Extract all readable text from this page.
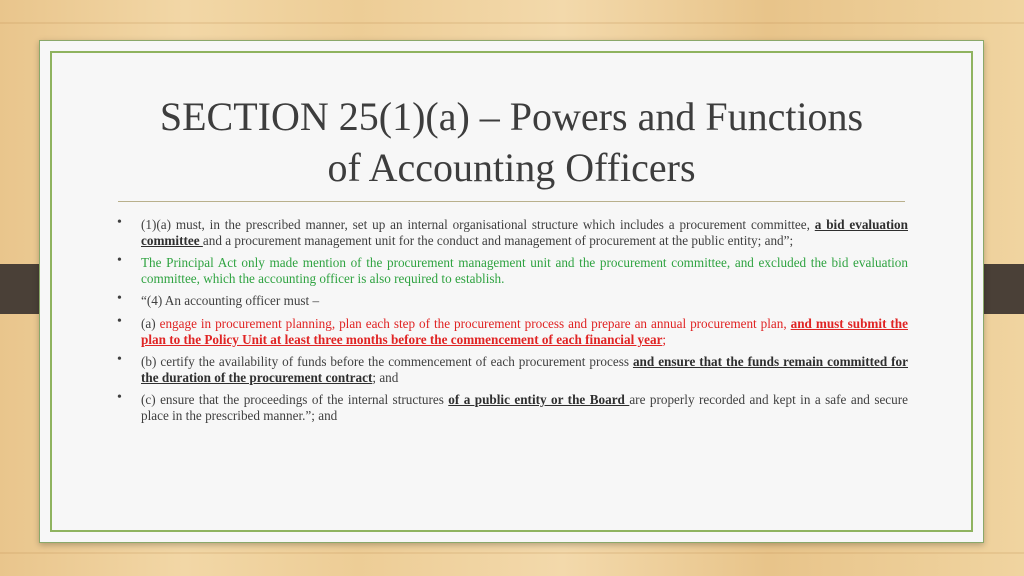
SECTION 25(1)(a) – Powers and Functions
of Accounting Officers
• (1)(a) must, in the prescribed manner, set up an internal organisational structure which includes a procurement committee, a bid evaluation committee and a procurement management unit for the conduct and management of procurement at the public entity; and”;
• The Principal Act only made mention of the procurement management unit and the procurement committee, and excluded the bid evaluation committee, which the accounting officer is also required to establish.
• “(4) An accounting officer must –
• (a) engage in procurement planning, plan each step of the procurement process and prepare an annual procurement plan, and must submit the plan to the Policy Unit at least three months before the commencement of each financial year;
• (b) certify the availability of funds before the commencement of each procurement process and ensure that the funds remain committed for the duration of the procurement contract; and
• (c) ensure that the proceedings of the internal structures of a public entity or the Board are properly recorded and kept in a safe and secure place in the prescribed manner.”; and
